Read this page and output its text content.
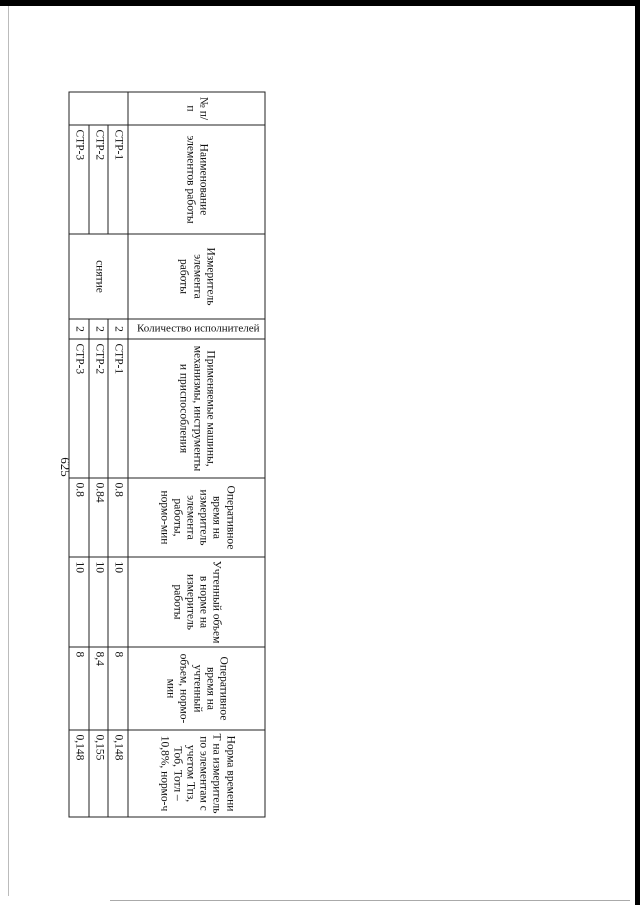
625
№ п/п	Наименование элементов работы	Измеритель элемента работы	Количество исполнителей	Применяемые машины, механизмы, инструменты и приспособления	Оперативное время на измеритель элемента работы, нормо-мин	Учтенный объем в норме на измеритель работы	Оперативное время на учтенный объем, нормо-мин	Норма времени Т на измеритель по элементам с учетом Тпз, Тоб, Тотл – 10,8%, нормо-ч
	СТР-1	снятие	2	СТР-1	0.8	10	8	0,148
	СТР-2		2	СТР-2	0.84	10	8,4	0,155
	СТР-3		2	СТР-3	0.8	10	8	0,148
